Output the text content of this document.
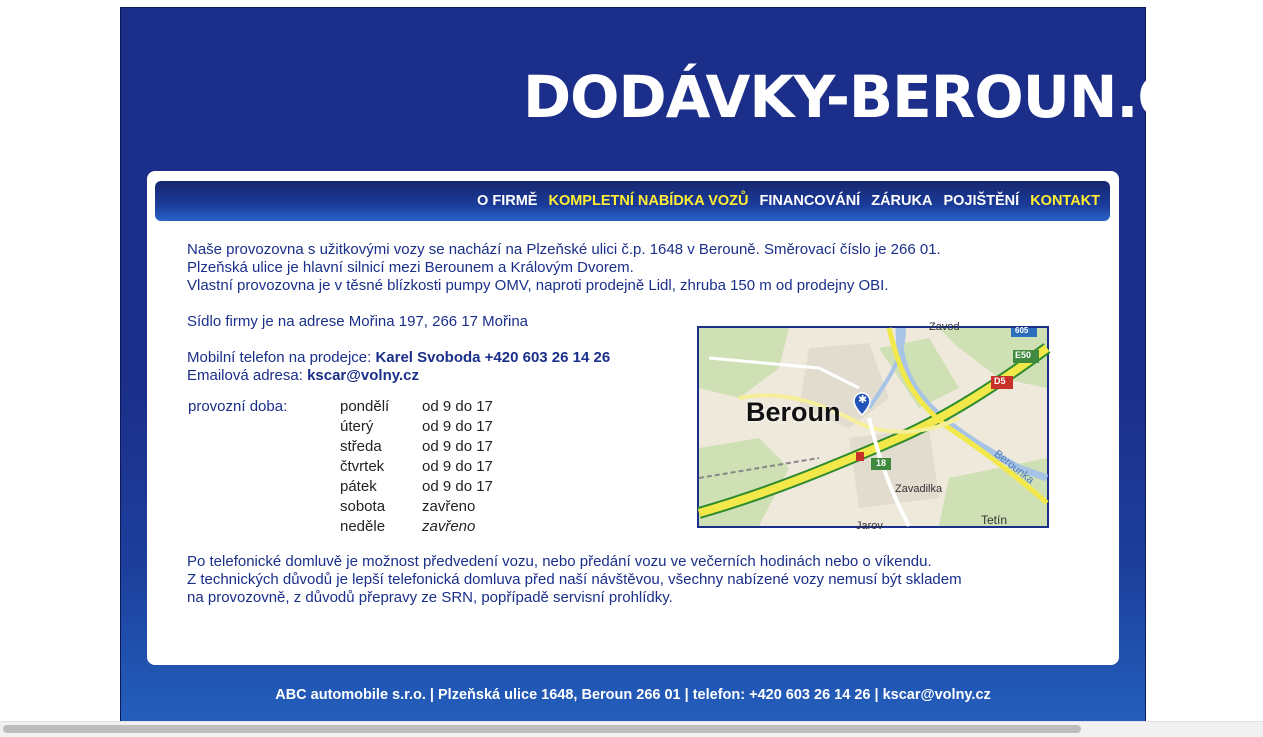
DODÁVKY-BEROUN.CZ
O FIRMĚ KOMPLETNÍ NABÍDKA VOZŮ FINANCOVÁNÍ ZÁRUKA POJIŠTĚNÍ KONTAKT

Naše provozovna s užitkovými vozy se nachází na Plzeňské ulici č.p. 1648 v Berouně. Směrovací číslo je 266 01.

Plzeňská ulice je hlavní silnicí mezi Berounem a Královým Dvorem.

Vlastní provozovna je v těsné blízkosti pumpy OMV, naproti prodejně Lidl, zhruba 150 m od prodejny OBI.

Sídlo firmy je na adrese Mořina 197, 266 17 Mořina

Mobilní telefon na prodejce: Karel Svoboda +420 603 26 14 26

Emailová adresa: kscar@volny.cz

provozní doba:	pondělí od 9 do 17
úterý	od 9 do 17
středa	od 9 do 17
čtvrtek	od 9 do 17
pátek	od 9 do 17
sobota zavřeno
neděle zavřeno

Po telefonické domluvě je možnost předvedení vozu, nebo předání vozu ve večerních hodinách nebo o víkendu.

Z technických důvodů je lepší telefonická domluva před naší návštěvou, všechny nabízené vozy nemusí být skladem

na provozovně, z důvodů přepravy ze SRN, popřípadě servisní prohlídky.

Beroun
Zavadilka
Tetín
Berounka
Zavod
Jarov
E50
D5
18
605
✱
ABC automobile s.r.o. | Plzeňská ulice 1648, Beroun 266 01 | telefon: +420 603 26 14 26 | kscar@volny.cz
